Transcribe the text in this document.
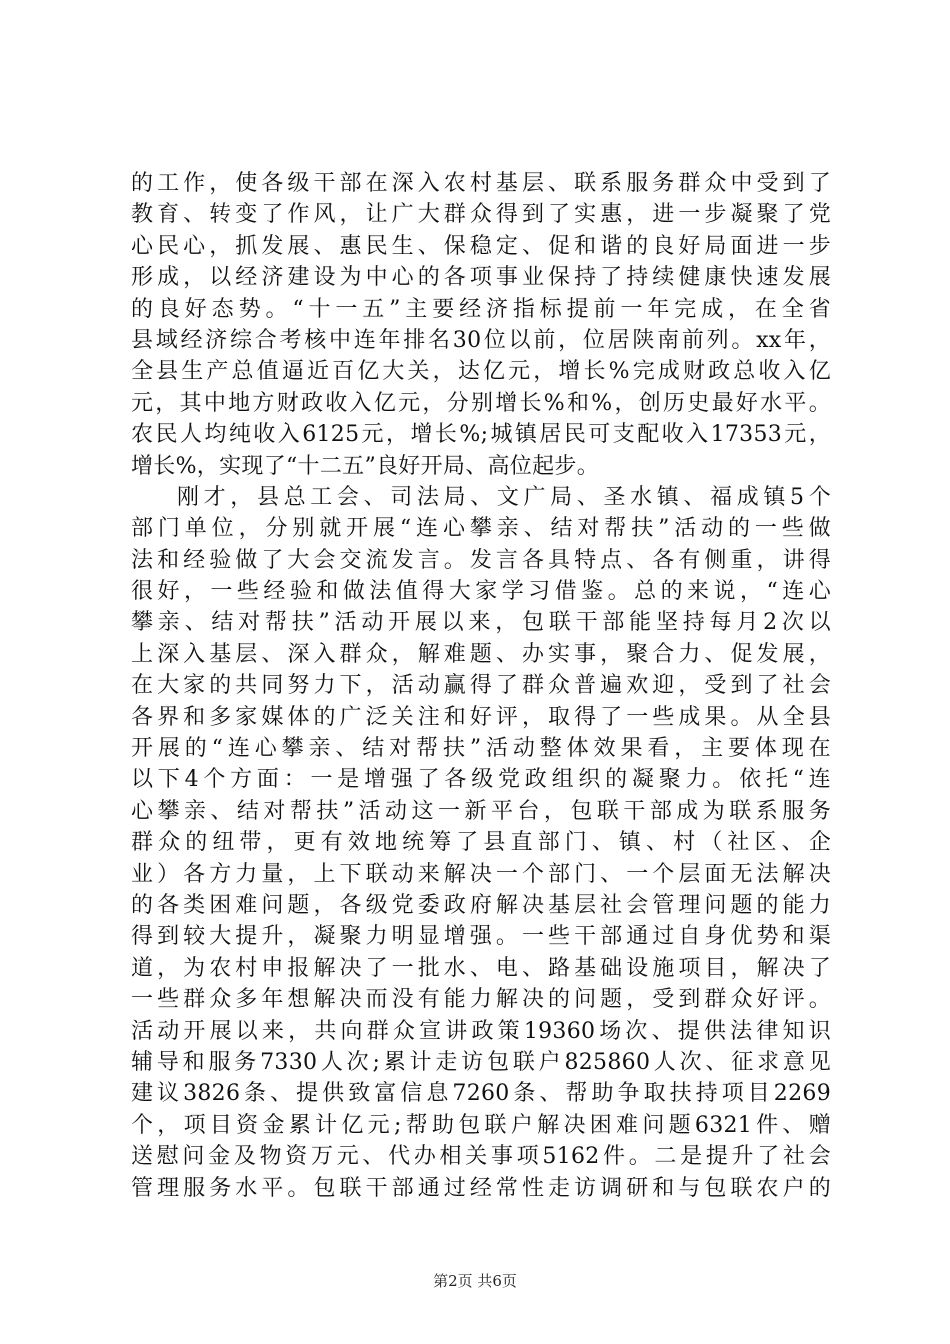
的工作，使各级干部在深入农村基层、联系服务群众中受到了
教育、转变了作风，让广大群众得到了实惠，进一步凝聚了党
心民心，抓发展、惠民生、保稳定、促和谐的良好局面进一步
形成，以经济建设为中心的各项事业保持了持续健康快速发展
的良好态势。“十一五”主要经济指标提前一年完成，在全省
县域经济综合考核中连年排名30位以前，位居陕南前列。xx年，
全县生产总值逼近百亿大关，达亿元，增长%完成财政总收入亿
元，其中地方财政收入亿元，分别增长%和%，创历史最好水平。
农民人均纯收入6125元，增长%;城镇居民可支配收入17353元，
增长%，实现了“十二五”良好开局、高位起步。
刚才，县总工会、司法局、文广局、圣水镇、福成镇5个
部门单位，分别就开展“连心攀亲、结对帮扶”活动的一些做
法和经验做了大会交流发言。发言各具特点、各有侧重，讲得
很好，一些经验和做法值得大家学习借鉴。总的来说，“连心
攀亲、结对帮扶”活动开展以来，包联干部能坚持每月2次以
上深入基层、深入群众，解难题、办实事，聚合力、促发展，
在大家的共同努力下，活动赢得了群众普遍欢迎，受到了社会
各界和多家媒体的广泛关注和好评，取得了一些成果。从全县
开展的“连心攀亲、结对帮扶”活动整体效果看，主要体现在
以下4个方面：一是增强了各级党政组织的凝聚力。依托“连
心攀亲、结对帮扶”活动这一新平台，包联干部成为联系服务
群众的纽带，更有效地统筹了县直部门、镇、村（社区、企
业）各方力量，上下联动来解决一个部门、一个层面无法解决
的各类困难问题，各级党委政府解决基层社会管理问题的能力
得到较大提升，凝聚力明显增强。一些干部通过自身优势和渠
道，为农村申报解决了一批水、电、路基础设施项目，解决了
一些群众多年想解决而没有能力解决的问题，受到群众好评。
活动开展以来，共向群众宣讲政策19360场次、提供法律知识
辅导和服务7330人次;累计走访包联户825860人次、征求意见
建议3826条、提供致富信息7260条、帮助争取扶持项目2269
个，项目资金累计亿元;帮助包联户解决困难问题6321件、赠
送慰问金及物资万元、代办相关事项5162件。二是提升了社会
管理服务水平。包联干部通过经常性走访调研和与包联农户的
第2页 共6页
